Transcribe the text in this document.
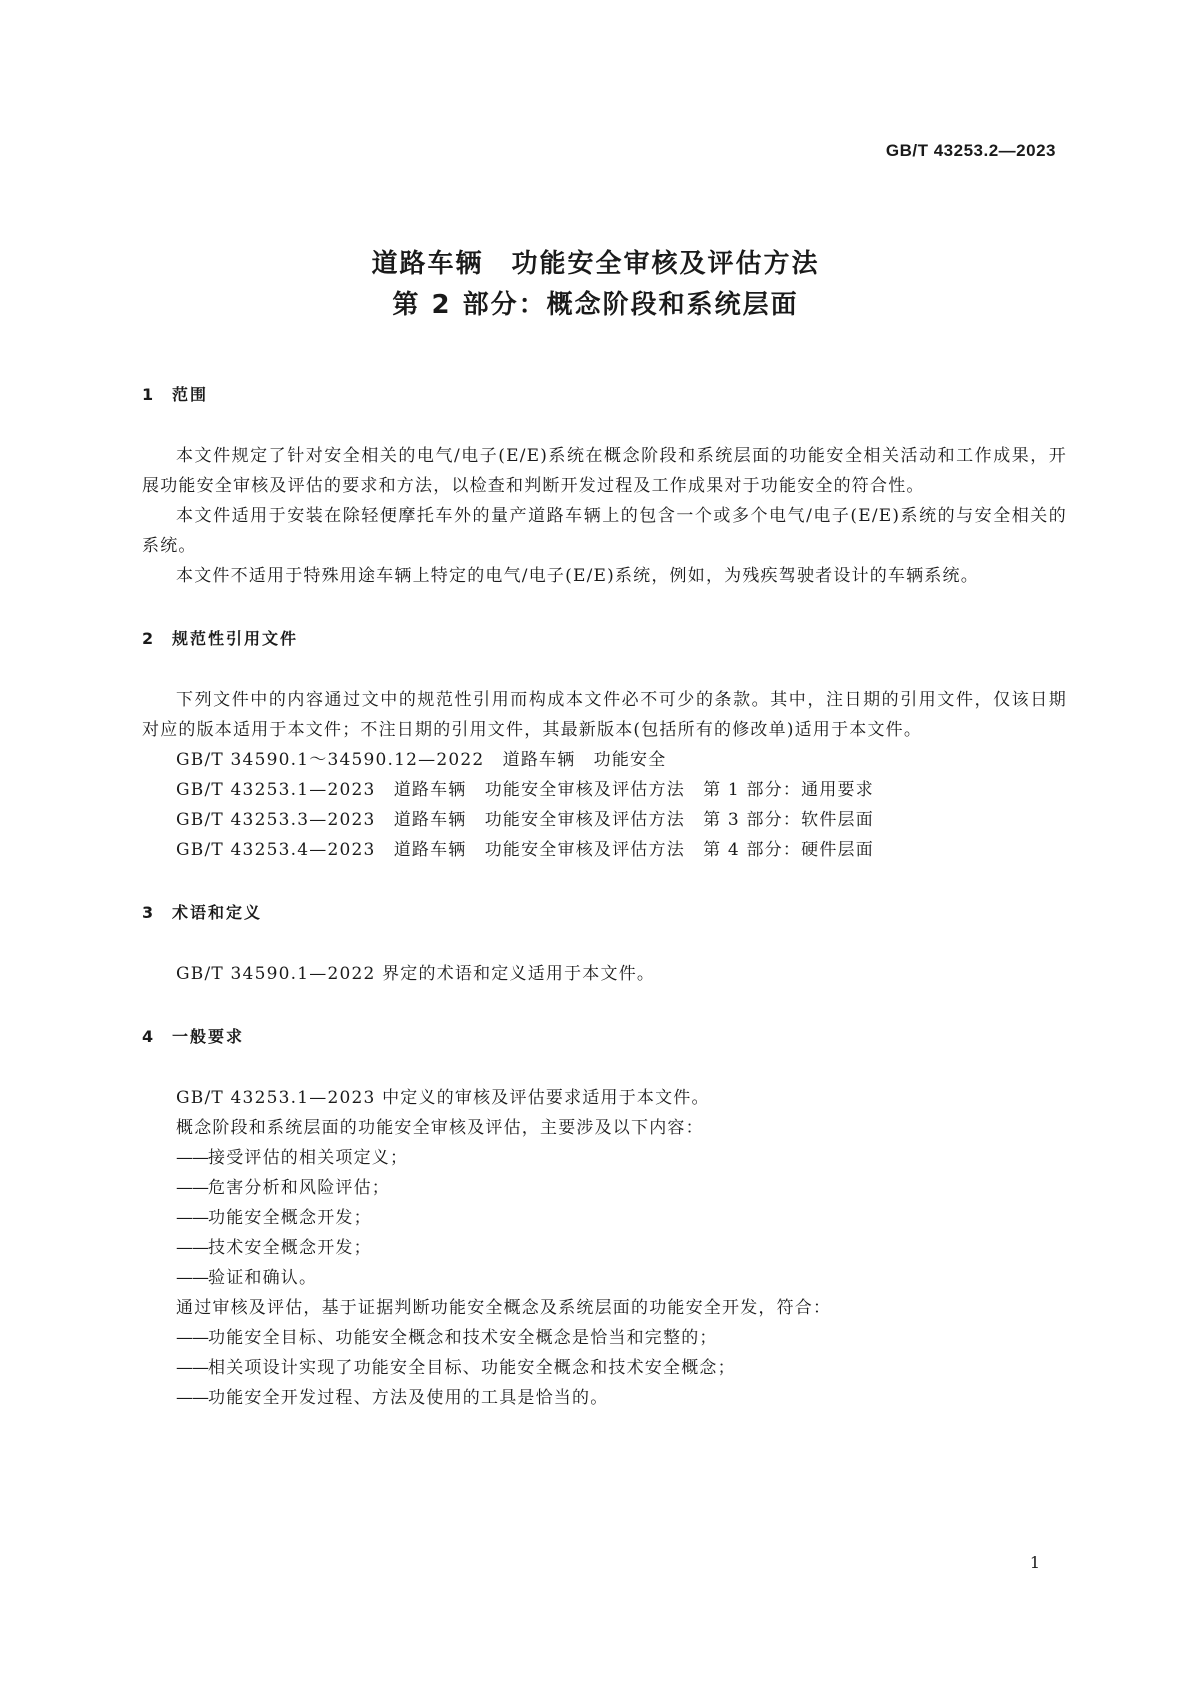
GB/T 43253.2—2023
道路车辆　功能安全审核及评估方法
第 2 部分：概念阶段和系统层面
1 范围

本文件规定了针对安全相关的电气/电子(E/E)系统在概念阶段和系统层面的功能安全相关活动和工作成果，开展功能安全审核及评估的要求和方法，以检查和判断开发过程及工作成果对于功能安全的符合性。

本文件适用于安装在除轻便摩托车外的量产道路车辆上的包含一个或多个电气/电子(E/E)系统的与安全相关的系统。

本文件不适用于特殊用途车辆上特定的电气/电子(E/E)系统，例如，为残疾驾驶者设计的车辆系统。

2 规范性引用文件

下列文件中的内容通过文中的规范性引用而构成本文件必不可少的条款。其中，注日期的引用文件，仅该日期对应的版本适用于本文件；不注日期的引用文件，其最新版本(包括所有的修改单)适用于本文件。

GB/T 34590.1～34590.12—2022　道路车辆　功能安全

GB/T 43253.1—2023　道路车辆　功能安全审核及评估方法　第 1 部分：通用要求

GB/T 43253.3—2023　道路车辆　功能安全审核及评估方法　第 3 部分：软件层面

GB/T 43253.4—2023　道路车辆　功能安全审核及评估方法　第 4 部分：硬件层面

3 术语和定义

GB/T 34590.1—2022 界定的术语和定义适用于本文件。

4 一般要求

GB/T 43253.1—2023 中定义的审核及评估要求适用于本文件。

概念阶段和系统层面的功能安全审核及评估，主要涉及以下内容：

——接受评估的相关项定义；

——危害分析和风险评估；

——功能安全概念开发；

——技术安全概念开发；

——验证和确认。

通过审核及评估，基于证据判断功能安全概念及系统层面的功能安全开发，符合：

——功能安全目标、功能安全概念和技术安全概念是恰当和完整的；

——相关项设计实现了功能安全目标、功能安全概念和技术安全概念；

——功能安全开发过程、方法及使用的工具是恰当的。

1
